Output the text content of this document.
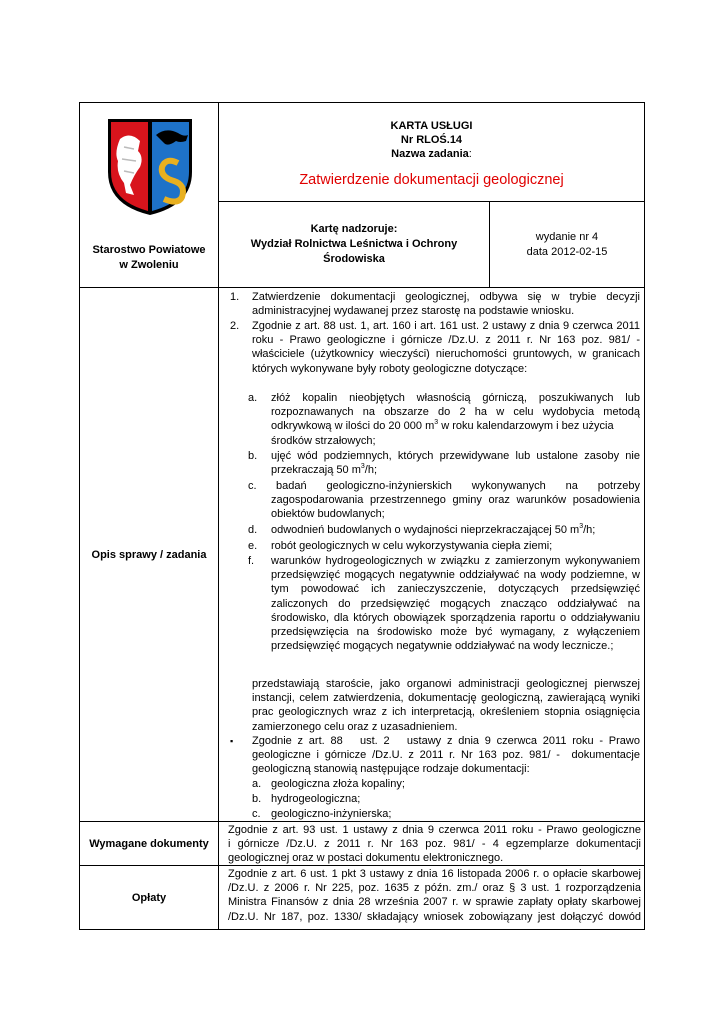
Starostwo Powiatowe
w Zwoleniu
KARTA USŁUGI
Nr RLOŚ.14
Nazwa zadania:
Zatwierdzenie dokumentacji geologicznej
Kartę nadzoruje:
Wydział Rolnictwa Leśnictwa i Ochrony
Środowiska
wydanie nr 4
data 2012-02-15
Opis sprawy / zadania
1. Zatwierdzenie dokumentacji geologicznej, odbywa się w trybie decyzji
administracyjnej wydawanej przez starostę na podstawie wniosku.
2. Zgodnie z art. 88 ust. 1, art. 160 i art. 161 ust. 2 ustawy z dnia 9 czerwca 2011
roku - Prawo geologiczne i górnicze /Dz.U. z 2011 r. Nr 163 poz. 981/ -
właściciele (użytkownicy wieczyści) nieruchomości gruntowych, w granicach
których wykonywane były roboty geologiczne dotyczące:
a. złóż kopalin nieobjętych własnością górniczą, poszukiwanych lub
rozpoznawanych na obszarze do 2 ha w celu wydobycia metodą
odkrywkową w ilości do 20 000 $m^3$ w roku kalendarzowym i bez użycia
środków strzałowych;
b. ujęć wód podziemnych, których przewidywane lub ustalone zasoby nie
przekraczają 50 $m^3/h$;
c. badań    geologiczno-inżynierskich    wykonywanych    na    potrzeby
zagospodarowania przestrzennego gminy oraz warunków posadowienia
obiektów budowlanych;
d. odwodnień budowlanych o wydajności nieprzekraczającej 50 $m^3/h$;
e. robót geologicznych w celu wykorzystywania ciepła ziemi;
f. warunków hydrogeologicznych w związku z zamierzonym wykonywaniem
przedsięwzięć mogących negatywnie oddziaływać na wody podziemne, w
tym powodować ich zanieczyszczenie, dotyczących przedsięwzięć
zaliczonych do przedsięwzięć mogących znacząco oddziaływać na
środowisko, dla których obowiązek sporządzenia raportu o oddziaływaniu
przedsięwzięcia na środowisko może być wymagany, z wyłączeniem
przedsięwzięć mogących negatywnie oddziaływać na wody lecznicze.;
przedstawiają staroście, jako organowi administracji geologicznej pierwszej
instancji, celem zatwierdzenia, dokumentację geologiczną, zawierającą wyniki
prac geologicznych wraz z ich interpretacją, określeniem stopnia osiągnięcia
zamierzonego celu oraz z uzasadnieniem.
▪ Zgodnie z art. 88   ust. 2   ustawy z dnia 9 czerwca 2011 roku - Prawo
geologiczne i górnicze /Dz.U. z 2011 r. Nr 163 poz. 981/ -  dokumentacje
geologiczną stanowią następujące rodzaje dokumentacji:
a. geologiczna złoża kopaliny;
b. hydrogeologiczna;
c. geologiczno-inżynierska;
Wymagane dokumenty
Zgodnie z art. 93 ust. 1 ustawy z dnia 9 czerwca 2011 roku - Prawo geologiczne
i górnicze /Dz.U. z 2011 r. Nr 163 poz. 981/ - 4 egzemplarze dokumentacji
geologicznej oraz w postaci dokumentu elektronicznego.
Opłaty
Zgodnie z art. 6 ust. 1 pkt 3 ustawy z dnia 16 listopada 2006 r. o opłacie skarbowej
/Dz.U. z 2006 r. Nr 225, poz. 1635 z późn. zm./ oraz § 3 ust. 1 rozporządzenia
Ministra Finansów z dnia 28 września 2007 r. w sprawie zapłaty opłaty skarbowej
/Dz.U. Nr 187, poz. 1330/ składający wniosek zobowiązany jest dołączyć dowód
